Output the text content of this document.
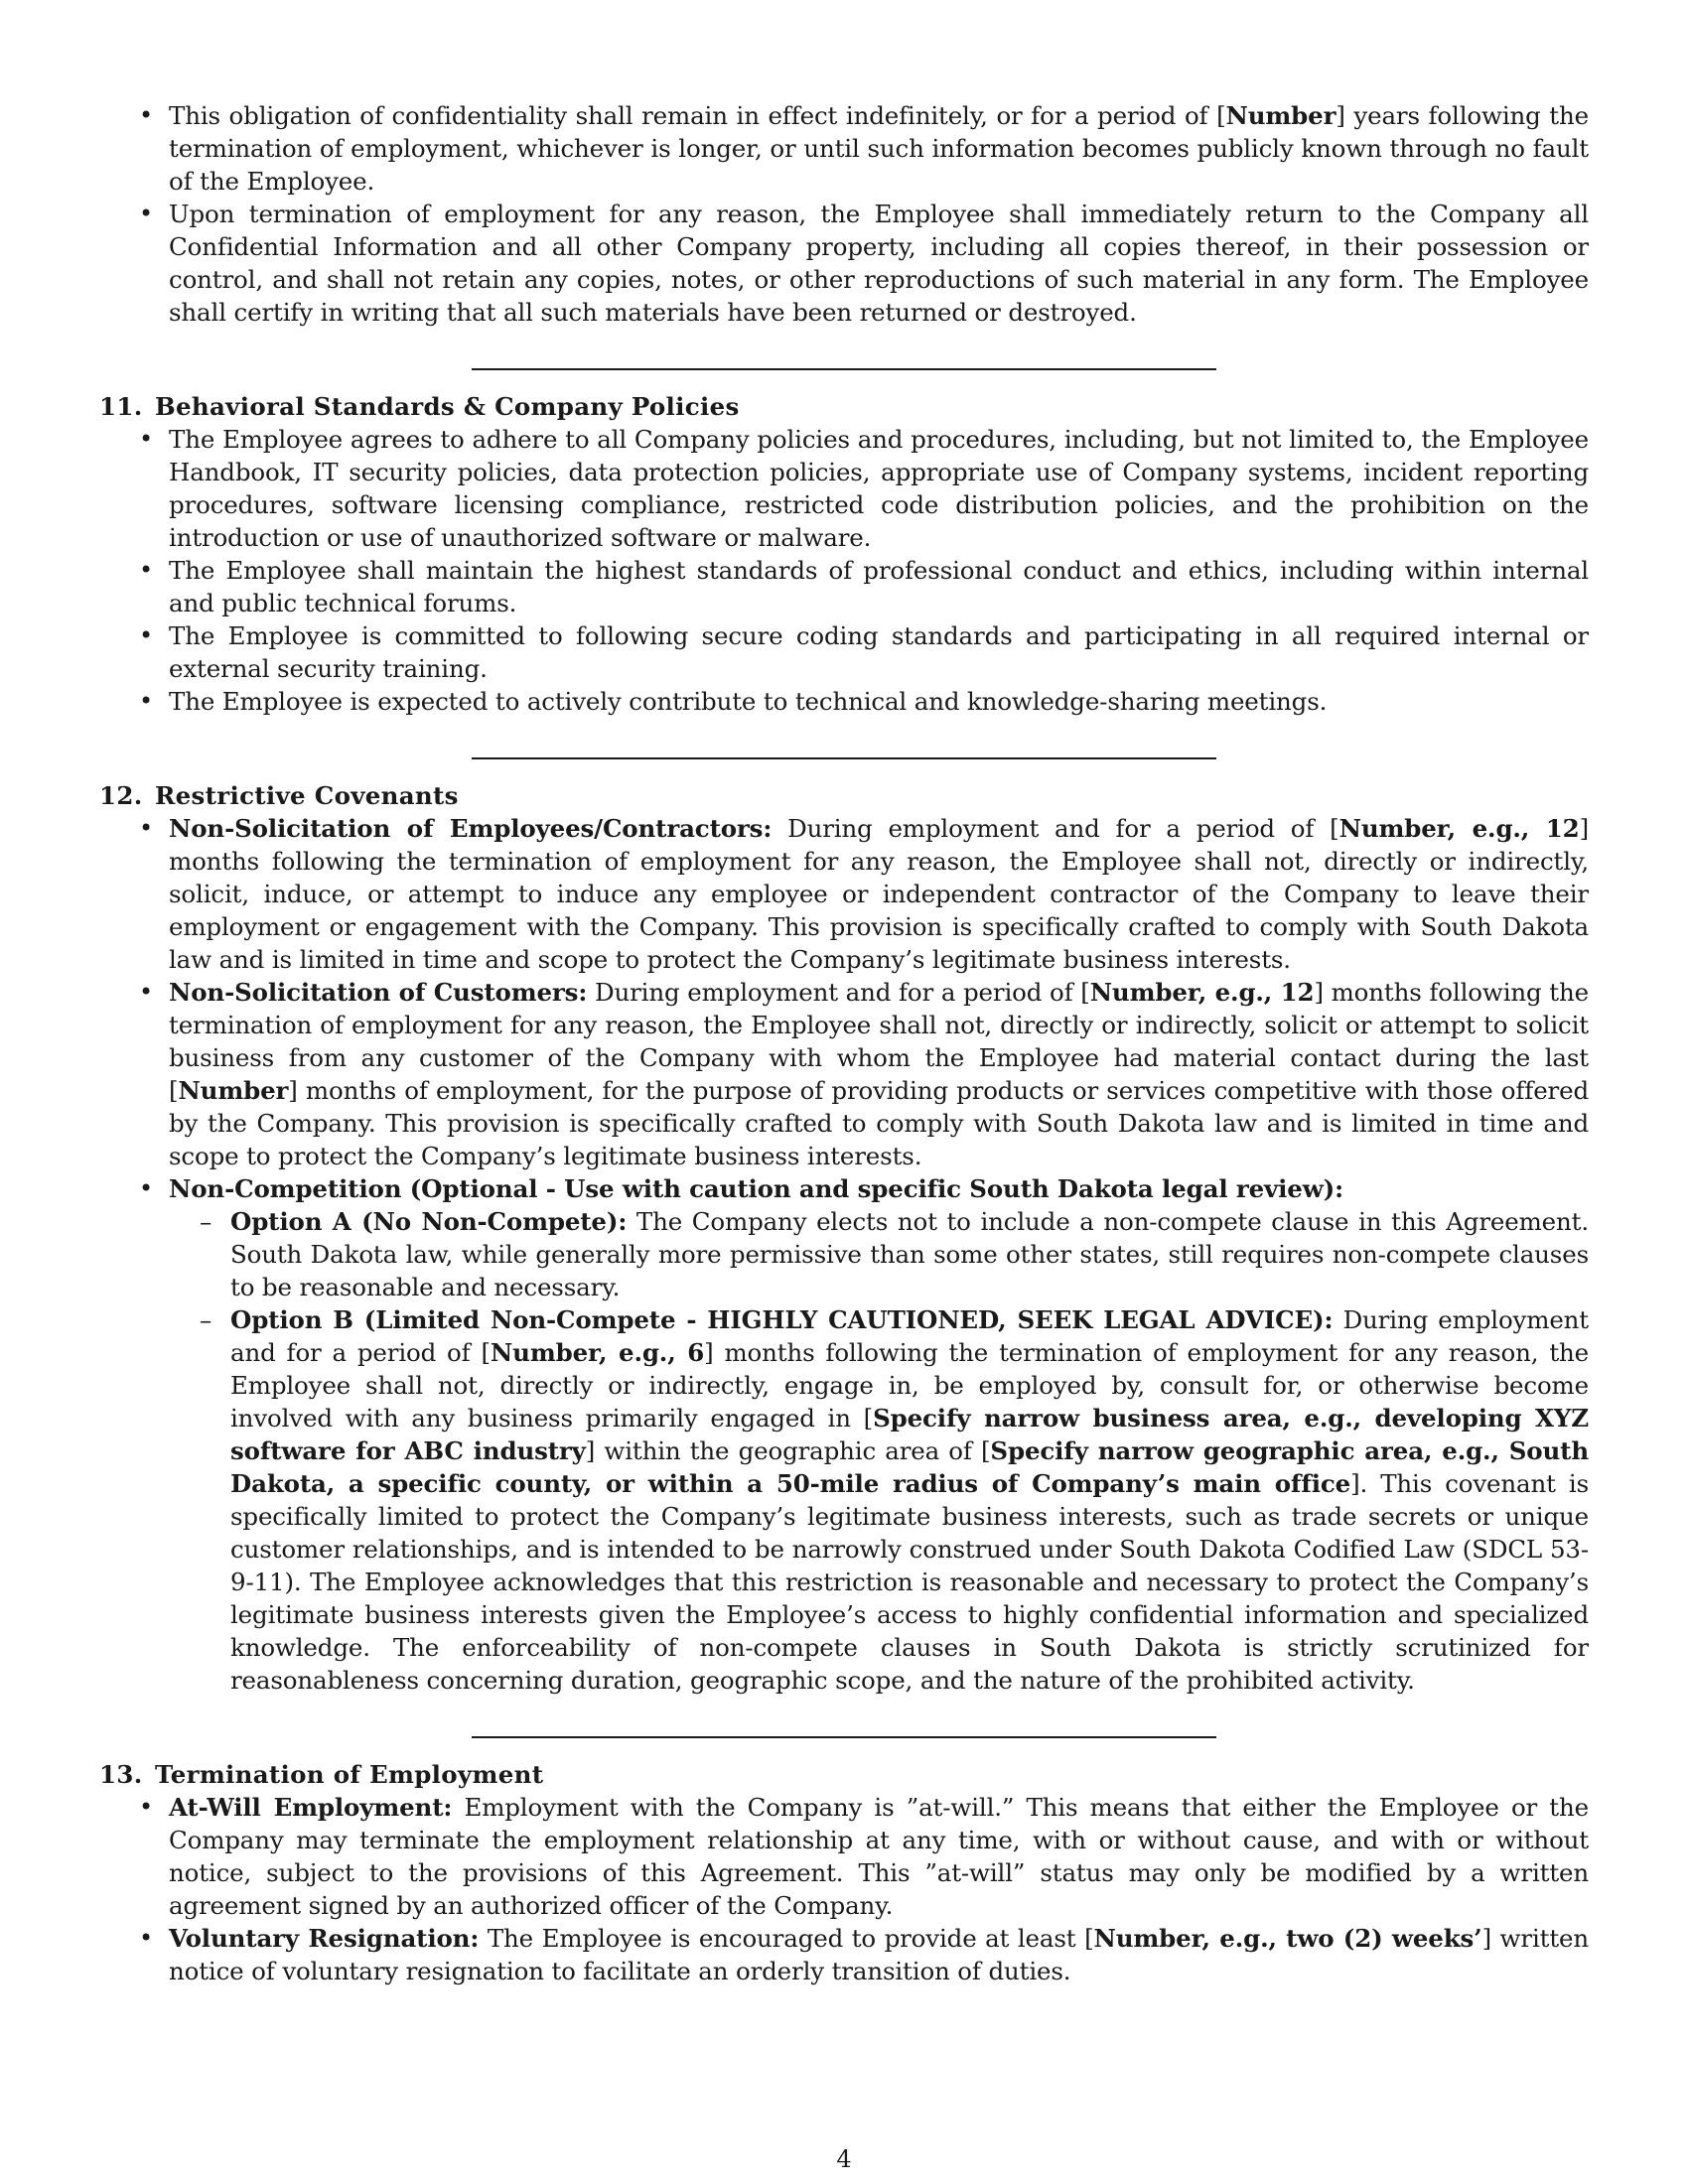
• This obligation of confidentiality shall remain in effect indefinitely, or for a period of [Number] years following the termination of employment, whichever is longer, or until such information becomes publicly known through no fault of the Employee.
• Upon termination of employment for any reason, the Employee shall immediately return to the Company all Confidential Information and all other Company property, including all copies thereof, in their possession or control, and shall not retain any copies, notes, or other reproductions of such material in any form. The Employee shall certify in writing that all such materials have been returned or destroyed.
11. Behavioral Standards & Company Policies
• The Employee agrees to adhere to all Company policies and procedures, including, but not limited to, the Employee Handbook, IT security policies, data protection policies, appropriate use of Company systems, incident reporting procedures, software licensing compliance, restricted code distribution policies, and the prohibition on the introduction or use of unauthorized software or malware.
• The Employee shall maintain the highest standards of professional conduct and ethics, including within internal and public technical forums.
• The Employee is committed to following secure coding standards and participating in all required internal or external security training.
• The Employee is expected to actively contribute to technical and knowledge-sharing meetings.
12. Restrictive Covenants
• Non-Solicitation of Employees/Contractors: During employment and for a period of [Number, e.g., 12] months following the termination of employment for any reason, the Employee shall not, directly or indirectly, solicit, induce, or attempt to induce any employee or independent contractor of the Company to leave their employment or engagement with the Company. This provision is specifically crafted to comply with South Dakota law and is limited in time and scope to protect the Company’s legitimate business interests.
• Non-Solicitation of Customers: During employment and for a period of [Number, e.g., 12] months following the termination of employment for any reason, the Employee shall not, directly or indirectly, solicit or attempt to solicit business from any customer of the Company with whom the Employee had material contact during the last [Number] months of employment, for the purpose of providing products or services competitive with those offered by the Company. This provision is specifically crafted to comply with South Dakota law and is limited in time and scope to protect the Company’s legitimate business interests.
• Non-Competition (Optional - Use with caution and specific South Dakota legal review):
– Option A (No Non-Compete): The Company elects not to include a non-compete clause in this Agreement. South Dakota law, while generally more permissive than some other states, still requires non-compete clauses to be reasonable and necessary.
– Option B (Limited Non-Compete - HIGHLY CAUTIONED, SEEK LEGAL ADVICE): During employment and for a period of [Number, e.g., 6] months following the termination of employment for any reason, the Employee shall not, directly or indirectly, engage in, be employed by, consult for, or otherwise become involved with any business primarily engaged in [Specify narrow business area, e.g., developing XYZ software for ABC industry] within the geographic area of [Specify narrow geographic area, e.g., South Dakota, a specific county, or within a 50-mile radius of Company’s main office]. This covenant is specifically limited to protect the Company’s legitimate business interests, such as trade secrets or unique customer relationships, and is intended to be narrowly construed under South Dakota Codified Law (SDCL 53-9-11). The Employee acknowledges that this restriction is reasonable and necessary to protect the Company’s legitimate business interests given the Employee’s access to highly confidential information and specialized knowledge. The enforceability of non-compete clauses in South Dakota is strictly scrutinized for reasonableness concerning duration, geographic scope, and the nature of the prohibited activity.
13. Termination of Employment
• At-Will Employment: Employment with the Company is ”at-will.” This means that either the Employee or the Company may terminate the employment relationship at any time, with or without cause, and with or without notice, subject to the provisions of this Agreement. This ”at-will” status may only be modified by a written agreement signed by an authorized officer of the Company.
• Voluntary Resignation: The Employee is encouraged to provide at least [Number, e.g., two (2) weeks’] written notice of voluntary resignation to facilitate an orderly transition of duties.
4
